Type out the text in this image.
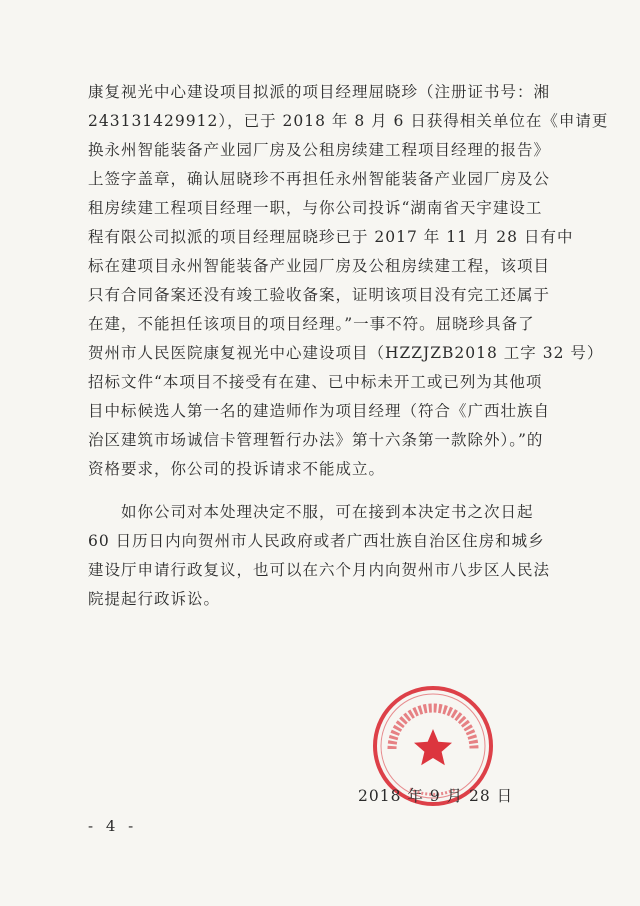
康复视光中心建设项目拟派的项目经理屈晓珍（注册证书号：湘
243131429912），已于 2018 年 8 月 6 日获得相关单位在《申请更
换永州智能装备产业园厂房及公租房续建工程项目经理的报告》
上签字盖章，确认屈晓珍不再担任永州智能装备产业园厂房及公
租房续建工程项目经理一职，与你公司投诉“湖南省天宇建设工
程有限公司拟派的项目经理屈晓珍已于 2017 年 11 月 28 日有中
标在建项目永州智能装备产业园厂房及公租房续建工程，该项目
只有合同备案还没有竣工验收备案，证明该项目没有完工还属于
在建，不能担任该项目的项目经理。”一事不符。屈晓珍具备了
贺州市人民医院康复视光中心建设项目（HZZJZB2018 工字 32 号）
招标文件“本项目不接受有在建、已中标未开工或已列为其他项
目中标候选人第一名的建造师作为项目经理（符合《广西壮族自
治区建筑市场诚信卡管理暂行办法》第十六条第一款除外）。”的
资格要求，你公司的投诉请求不能成立。
　　如你公司对本处理决定不服，可在接到本决定书之次日起
60 日历日内向贺州市人民政府或者广西壮族自治区住房和城乡
建设厅申请行政复议，也可以在六个月内向贺州市八步区人民法
院提起行政诉讼。
2018 年 9 月 28 日
- 4 -
